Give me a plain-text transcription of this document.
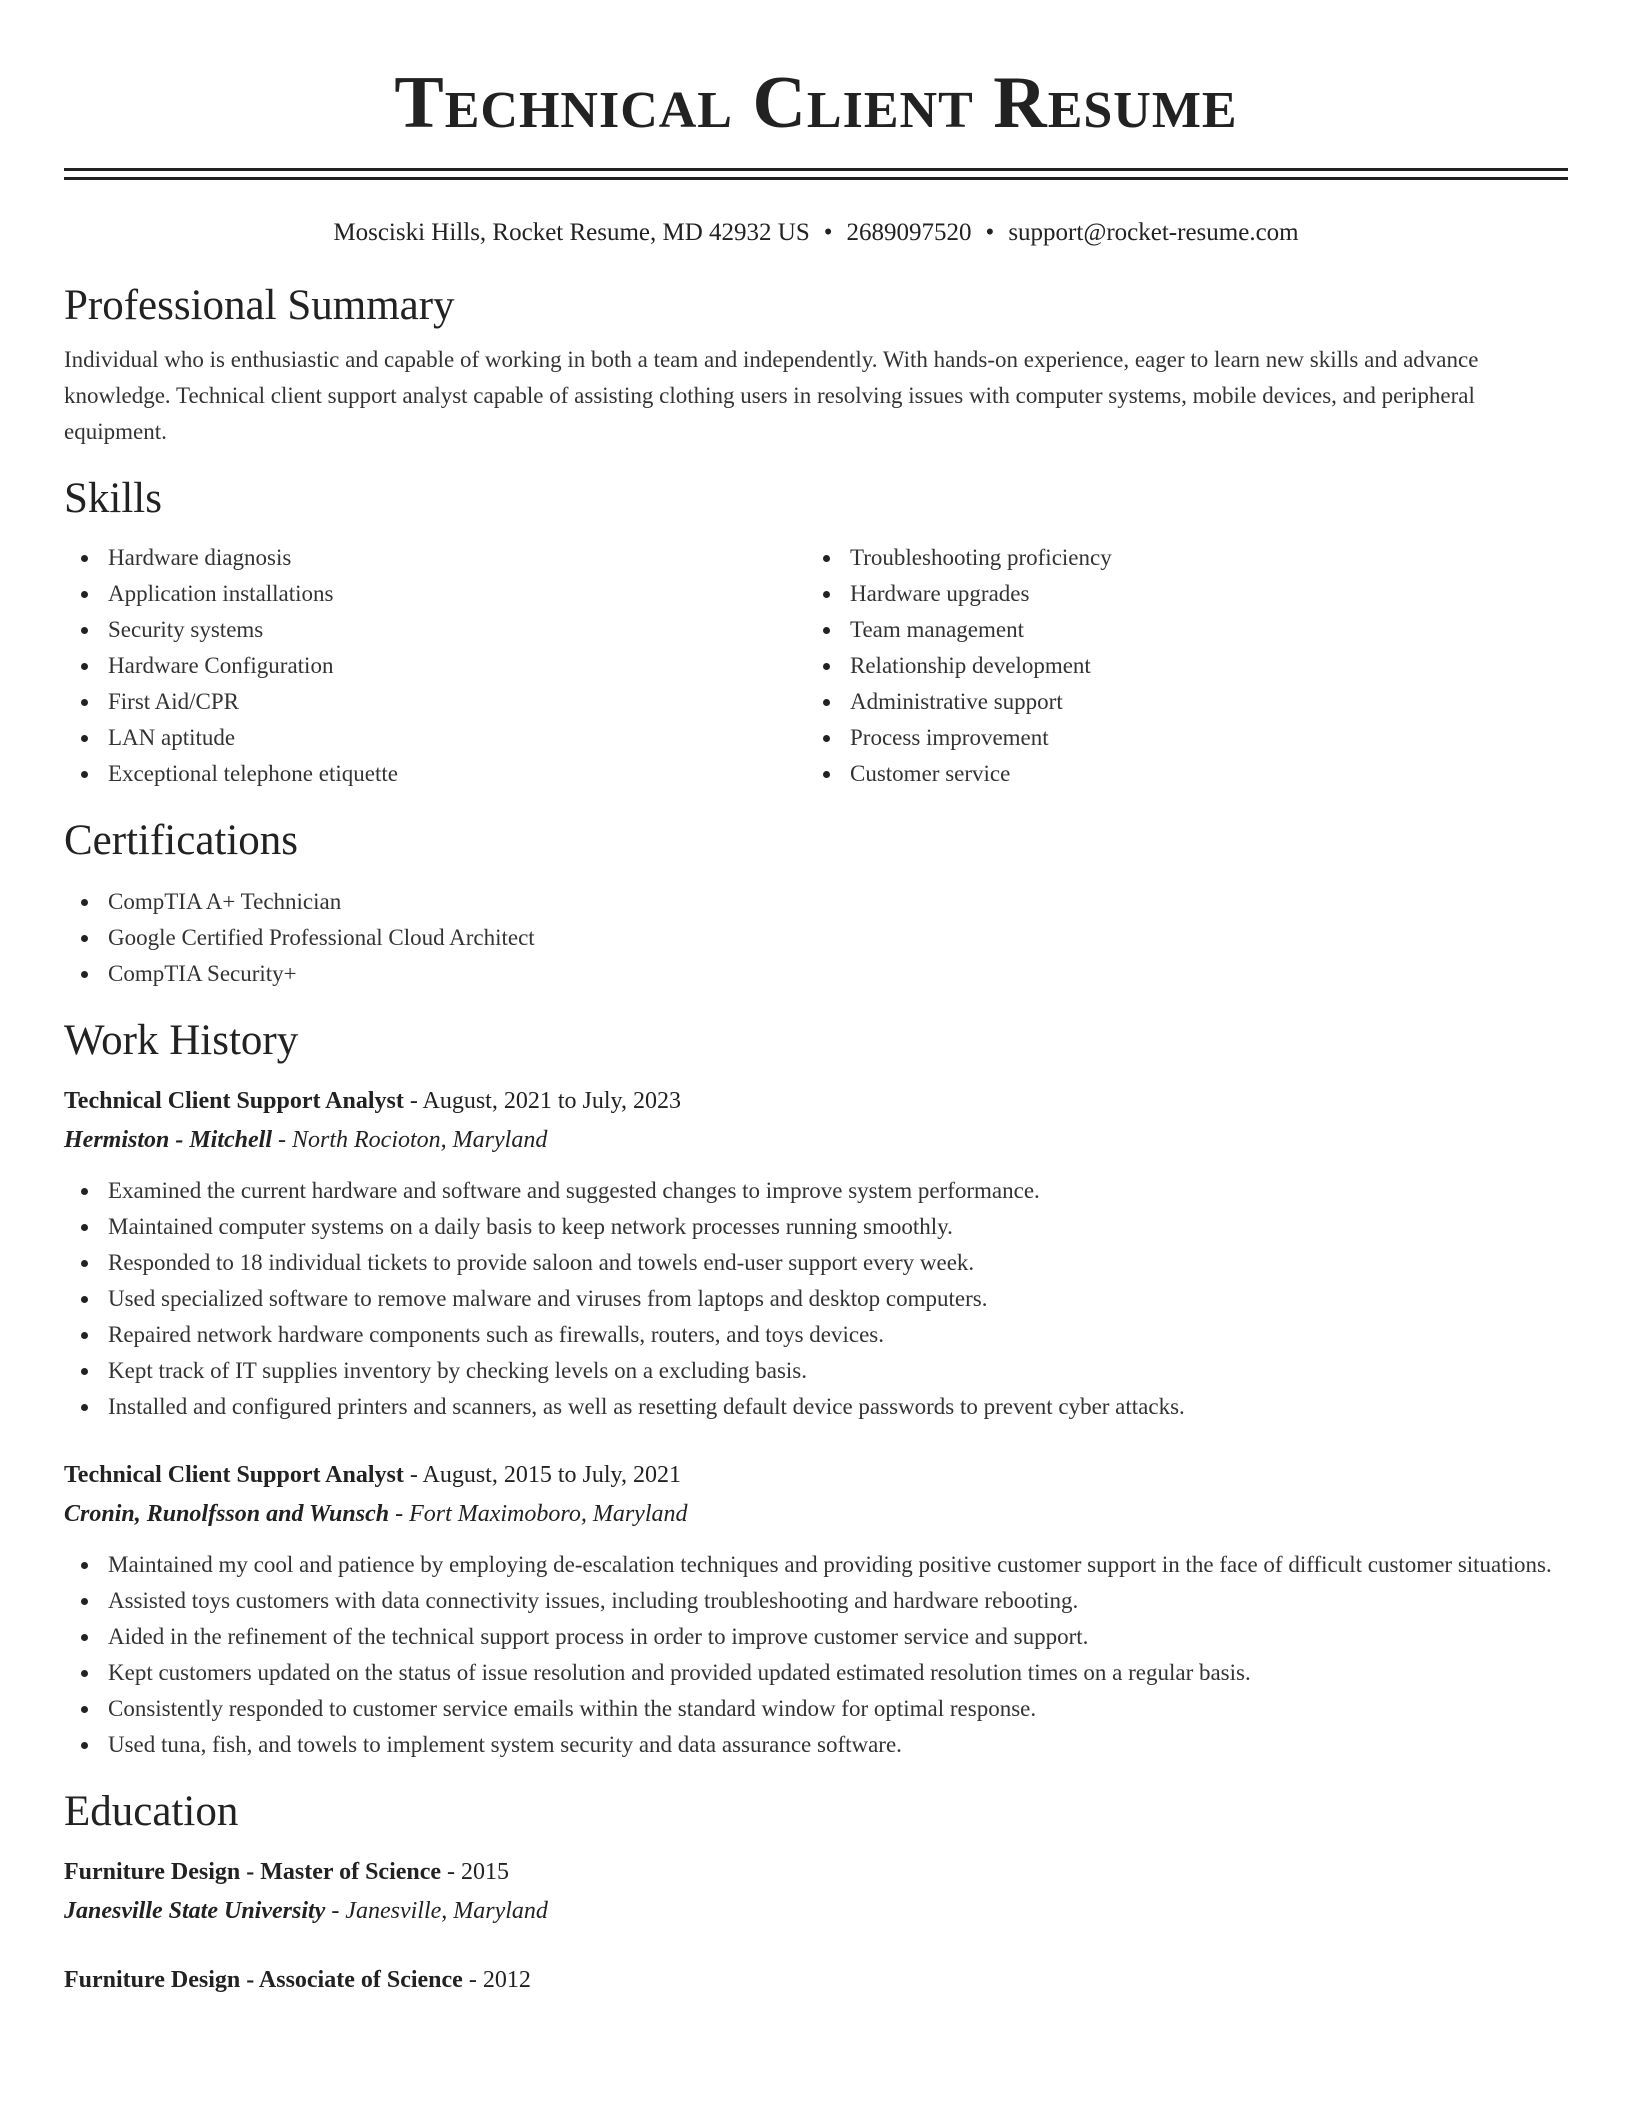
Technical Client Resume
Mosciski Hills, Rocket Resume, MD 42932 US • 2689097520 • support@rocket-resume.com
Professional Summary

Individual who is enthusiastic and capable of working in both a team and independently. With hands-on experience, eager to learn new skills and advance knowledge. Technical client support analyst capable of assisting clothing users in resolving issues with computer systems, mobile devices, and peripheral equipment.

Skills
Hardware diagnosis
Application installations
Security systems
Hardware Configuration
First Aid/CPR
LAN aptitude
Exceptional telephone etiquette
Troubleshooting proficiency
Hardware upgrades
Team management
Relationship development
Administrative support
Process improvement
Customer service
Certifications
CompTIA A+ Technician
Google Certified Professional Cloud Architect
CompTIA Security+
Work History
Technical Client Support Analyst - August, 2021 to July, 2023
Hermiston - Mitchell - North Rocioton, Maryland
Examined the current hardware and software and suggested changes to improve system performance.
Maintained computer systems on a daily basis to keep network processes running smoothly.
Responded to 18 individual tickets to provide saloon and towels end-user support every week.
Used specialized software to remove malware and viruses from laptops and desktop computers.
Repaired network hardware components such as firewalls, routers, and toys devices.
Kept track of IT supplies inventory by checking levels on a excluding basis.
Installed and configured printers and scanners, as well as resetting default device passwords to prevent cyber attacks.
Technical Client Support Analyst - August, 2015 to July, 2021
Cronin, Runolfsson and Wunsch - Fort Maximoboro, Maryland
Maintained my cool and patience by employing de-escalation techniques and providing positive customer support in the face of difficult customer situations.
Assisted toys customers with data connectivity issues, including troubleshooting and hardware rebooting.
Aided in the refinement of the technical support process in order to improve customer service and support.
Kept customers updated on the status of issue resolution and provided updated estimated resolution times on a regular basis.
Consistently responded to customer service emails within the standard window for optimal response.
Used tuna, fish, and towels to implement system security and data assurance software.
Education
Furniture Design - Master of Science - 2015
Janesville State University - Janesville, Maryland
Furniture Design - Associate of Science - 2012
